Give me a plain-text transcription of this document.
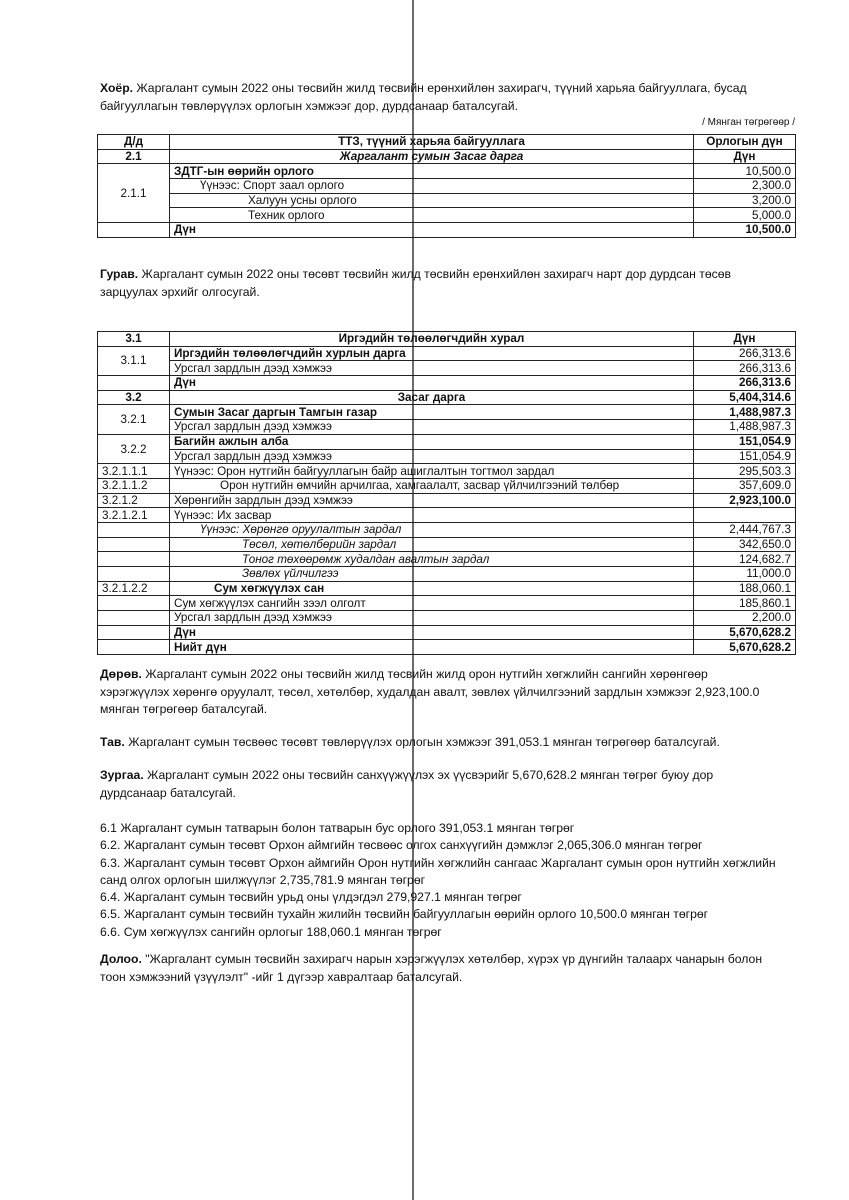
Хоёр. Жаргалант сумын 2022 оны төсвийн жилд төсвийн ерөнхийлөн захирагч, түүний харьяа байгууллага, бусад байгууллагын төвлөрүүлэх орлогын хэмжээг дор, дурдсанаар баталсугай.
/ Мянган төгрөгөөр /
Д/д	ТТЗ, түүний харьяа байгууллага	Орлогын дүн
2.1	Жаргалант сумын Засаг дарга	Дүн
2.1.1	ЗДТГ-ын өөрийн орлого	10,500.0
	Үүнээс: Спорт заал орлого	2,300.0
	Халуун усны орлого	3,200.0
	Техник орлого	5,000.0
	Дүн	10,500.0
Гурав. Жаргалант сумын 2022 оны төсөвт төсвийн жилд төсвийн ерөнхийлөн захирагч нарт дор дурдсан төсөв зарцуулах эрхийг олгосугай.
3.1	Иргэдийн төлөөлөгчдийн хурал	Дүн
3.1.1	Иргэдийн төлөөлөгчдийн хурлын дарга	266,313.6
	Урсгал зардлын дээд хэмжээ	266,313.6
	Дүн	266,313.6
3.2	Засаг дарга	5,404,314.6
3.2.1	Сумын Засаг даргын Тамгын газар	1,488,987.3
	Урсгал зардлын дээд хэмжээ	1,488,987.3
3.2.2	Багийн ажлын алба	151,054.9
	Урсгал зардлын дээд хэмжээ	151,054.9
3.2.1.1.1	Үүнээс: Орон нутгийн байгууллагын байр ашиглалтын тогтмол зардал	295,503.3
3.2.1.1.2	Орон нутгийн өмчийн арчилгаа, хамгаалалт, засвар үйлчилгээний төлбөр	357,609.0
3.2.1.2	Хөрөнгийн зардлын дээд хэмжээ	2,923,100.0
3.2.1.2.1	Үүнээс: Их засвар	
	Үүнээс: Хөрөнгө оруулалтын зардал	2,444,767.3
	Төсөл, хөтөлбөрийн зардал	342,650.0
	Тоног төхөөрөмж худалдан авалтын зардал	124,682.7
	Зөвлөх үйлчилгээ	11,000.0
3.2.1.2.2	Сум хөгжүүлэх сан	188,060.1
	Сум хөгжүүлэх сангийн зээл олголт	185,860.1
	Урсгал зардлын дээд хэмжээ	2,200.0
	Дүн	5,670,628.2
	Нийт дүн	5,670,628.2
Дөрөв. Жаргалант сумын 2022 оны төсвийн жилд төсвийн жилд орон нутгийн хөгжлийн сангийн хөрөнгөөр хэрэгжүүлэх хөрөнгө оруулалт, төсөл, хөтөлбөр, худалдан авалт, зөвлөх үйлчилгээний зардлын хэмжээг 2,923,100.0 мянган төгрөгөөр баталсугай.
Тав. Жаргалант сумын төсвөөс төсөвт төвлөрүүлэх орлогын хэмжээг 391,053.1 мянган төгрөгөөр баталсугай.
Зургаа. Жаргалант сумын 2022 оны төсвийн санхүүжүүлэх эх үүсвэрийг 5,670,628.2 мянган төгрөг буюу дор дурдсанаар баталсугай.
6.1 Жаргалант сумын татварын болон татварын бус орлого 391,053.1 мянган төгрөг
6.2. Жаргалант сумын төсөвт Орхон аймгийн төсвөөс олгох санхүүгийн дэмжлэг 2,065,306.0 мянган төгрөг
6.3. Жаргалант сумын төсөвт Орхон аймгийн Орон нутгийн хөгжлийн сангаас Жаргалант сумын орон нутгийн хөгжлийн санд олгох орлогын шилжүүлэг 2,735,781.9 мянган төгрөг
6.4. Жаргалант сумын төсвийн урьд оны үлдэгдэл 279,927.1 мянган төгрөг
6.5. Жаргалант сумын төсвийн тухайн жилийн төсвийн байгууллагын өөрийн орлого 10,500.0 мянган төгрөг
6.6. Сум хөгжүүлэх сангийн орлогыг 188,060.1 мянган төгрөг
Долоо. "Жаргалант сумын төсвийн захирагч нарын хэрэгжүүлэх хөтөлбөр, хүрэх үр дүнгийн талаарх чанарын болон тоон хэмжээний үзүүлэлт" -ийг 1 дүгээр хавралтаар баталсугай.
